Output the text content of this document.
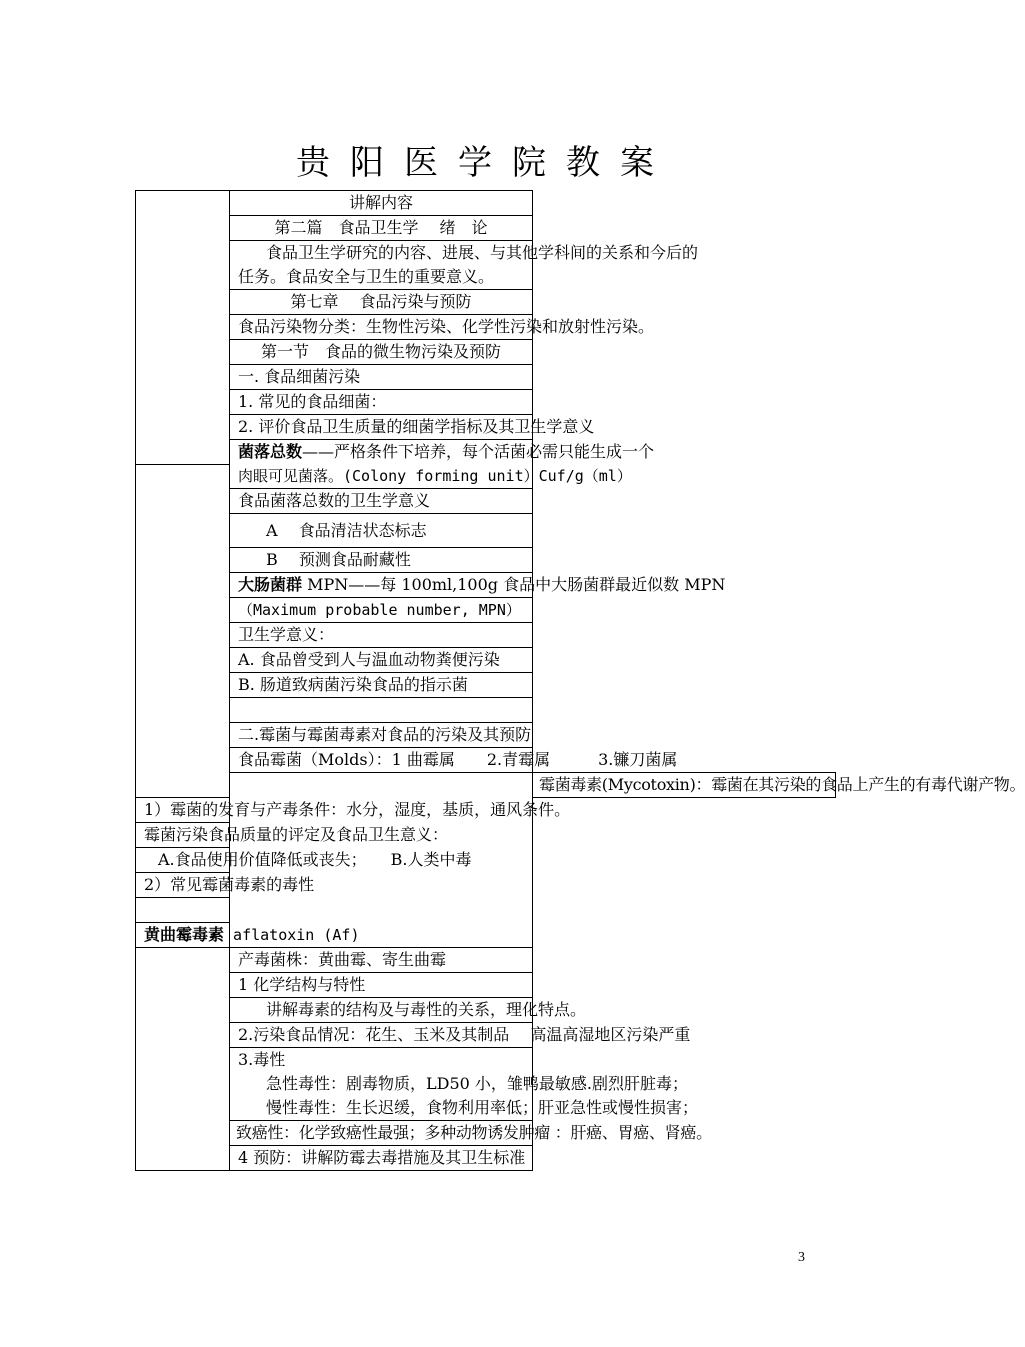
贵阳医学院教案
	讲解内容	
	第二篇　食品卫生学　 绪　论	
	食品卫生学研究的内容、进展、与其他学科间的关系和今后的	
	任务。食品安全与卫生的重要意义。	
	第七章　 食品污染与预防	
	食品污染物分类：生物性污染、化学性污染和放射性污染。	
	第一节　食品的微生物污染及预防	
	一. 食品细菌污染	
	1. 常见的食品细菌：	
	2. 评价食品卫生质量的细菌学指标及其卫生学意义	
	菌落总数——严格条件下培养，每个活菌必需只能生成一个	
	肉眼可见菌落。(Colony forming unit）Cuf/g（ml）	
	食品菌落总数的卫生学意义	
	A　 食品清洁状态标志	
	B　 预测食品耐藏性	
	大肠菌群 MPN——每 100ml,100g 食品中大肠菌群最近似数 MPN	
	（Maximum probable number, MPN）	
	卫生学意义：	
	A. 食品曾受到人与温血动物粪便污染	
	B. 肠道致病菌污染食品的指示菌	

	二.霉菌与霉菌毒素对食品的污染及其预防	
	食品霉菌（Molds）：1 曲霉属　　2.青霉属　　　3.镰刀菌属	
		霉菌毒素(Mycotoxin)：霉菌在其污染的食品上产生的有毒代谢产物。
1）霉菌的发育与产毒条件：水分，湿度，基质，通风条件。		
霉菌污染食品质量的评定及食品卫生意义：		
A.食品使用价值降低或丧失；　　B.人类中毒		
2）常见霉菌毒素的毒性		

黄曲霉毒素 aflatoxin (Af)		
	产毒菌株：黄曲霉、寄生曲霉	
	1 化学结构与特性	
	讲解毒素的结构及与毒性的关系，理化特点。	
	2.污染食品情况：花生、玉米及其制品　 高温高湿地区污染严重	
	3.毒性	
	急性毒性：剧毒物质，LD50 小，雏鸭最敏感.剧烈肝脏毒；	
	慢性毒性：生长迟缓，食物利用率低；肝亚急性或慢性损害；	
	致癌性：化学致癌性最强；多种动物诱发肿瘤 ：肝癌、胃癌、肾癌。	
	4 预防：讲解防霉去毒措施及其卫生标准	
3
